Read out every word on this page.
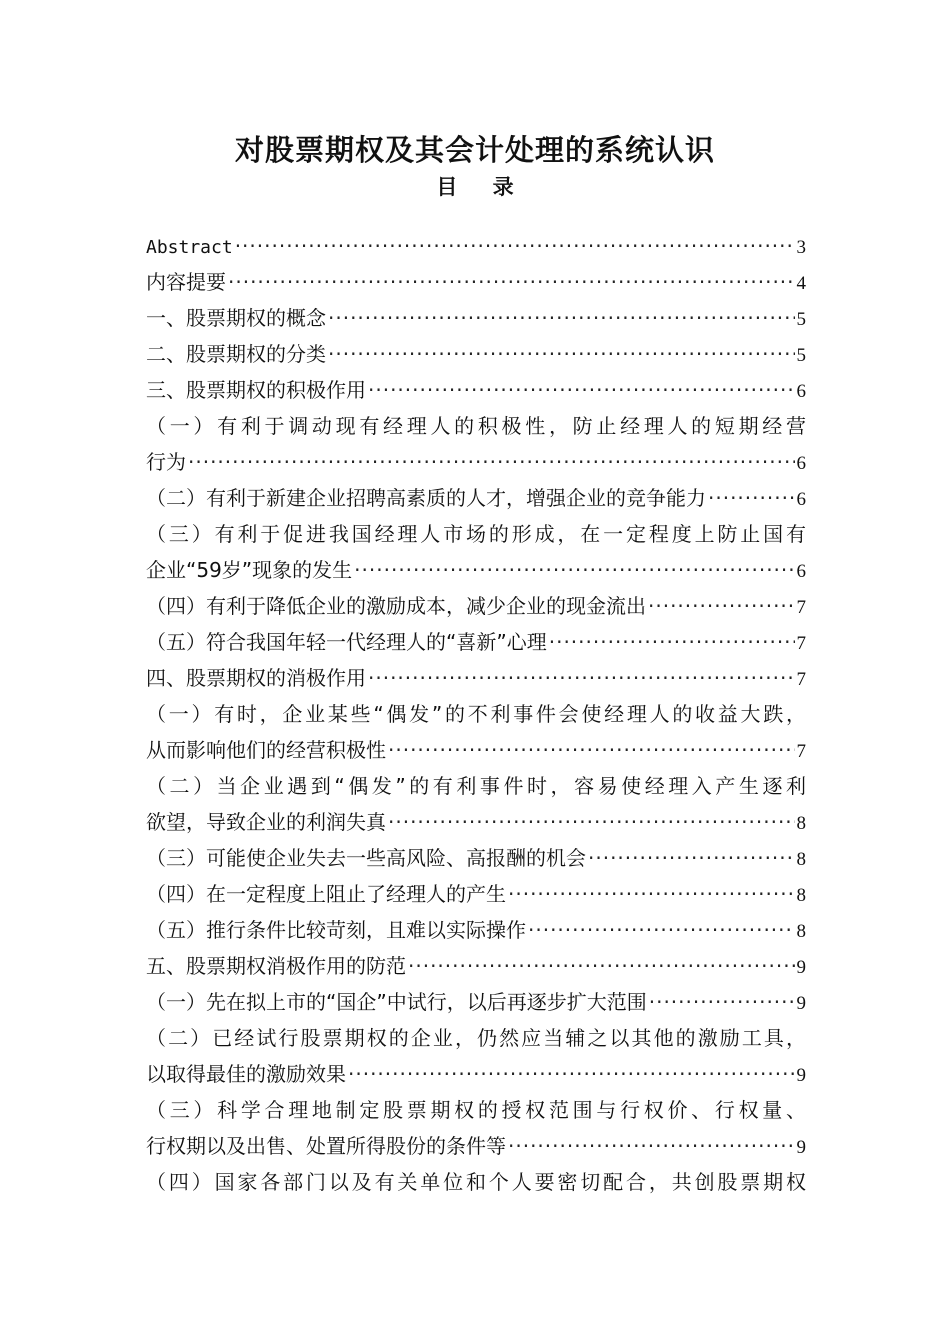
对股票期权及其会计处理的系统认识
目 录
Abstract ·····	3
内容提要 ·····	4
一、股票期权的概念 ·····	5
二、股票期权的分类 ·····	5
三、股票期权的积极作用 ·····	6
（一）有利于调动现有经理人的积极性，防止经理人的短期经营
行为 ·····	6
（二）有利于新建企业招聘高素质的人才，增强企业的竞争能力 ·····	6
（三）有利于促进我国经理人市场的形成，在一定程度上防止国有
企业“59岁”现象的发生 ·····	6
（四）有利于降低企业的激励成本，减少企业的现金流出 ·····	7
（五）符合我国年轻一代经理人的“喜新”心理 ·····	7
四、股票期权的消极作用 ·····	7
（一）有时，企业某些“偶发”的不利事件会使经理人的收益大跌，
从而影响他们的经营积极性 ·····	7
（二）当企业遇到“偶发”的有利事件时，容易使经理入产生逐利
欲望，导致企业的利润失真 ·····	8
（三）可能使企业失去一些高风险、高报酬的机会 ·····	8
（四）在一定程度上阻止了经理人的产生 ·····	8
（五）推行条件比较苛刻，且难以实际操作 ·····	8
五、股票期权消极作用的防范 ·····	9
（一）先在拟上市的“国企”中试行，以后再逐步扩大范围 ·····	9
（二）已经试行股票期权的企业，仍然应当辅之以其他的激励工具，
以取得最佳的激励效果 ·····	9
（三）科学合理地制定股票期权的授权范围与行权价、行权量、
行权期以及出售、处置所得股份的条件等 ·····	9
（四）国家各部门以及有关单位和个人要密切配合，共创股票期权
